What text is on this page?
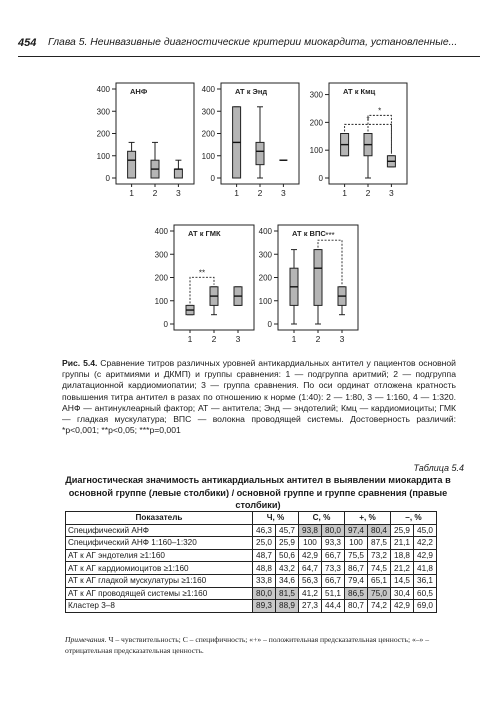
454 Глава 5. Неинвазивные диагностические критерии миокардита, установленные...
0
100
200
300
400
1 2 3
АНФ
0
100
200
300
400
1 2 3
АТ к Энд
0
100
200
300
1 2 3
АТ к Кмц
*
*
0
100
200
300
400
1 2 3
АТ к ГМК
**
0
100
200
300
400
1 2 3
АТ к ВПС ***
Рис. 5.4. Сравнение титров различных уровней антикардиальных антител у пациентов основной группы (с аритмиями и ДКМП) и группы сравнения: 1 — подгруппа аритмий; 2 — подгруппа дилатационной кардиомиопатии; 3 — группа сравнения. По оси ординат отложена кратность повышения титра антител в разах по отношению к норме (1:40): 2 — 1:80, 3 — 1:160, 4 — 1:320. АНФ — антинуклеарный фактор; АТ — антитела; Энд — эндотелий; Кмц — кардиомиоциты; ГМК — гладкая мускулатура; ВПС — волокна проводящей системы. Достоверность различий: *p<0,001; **p<0,05; ***p=0,001
Таблица 5.4
Диагностическая значимость антикардиальных антител в выявлении миокардита в основной группе (левые столбики) / основной группе и группе сравнения (правые столбики)
Показатель	Ч, %		С, %		+, %		–, %	
Специфический АНФ	46,3	45,7	93,8	80,0	97,4	80,4	25,9	45,0
Специфический АНФ 1:160–1:320	25,0	25,9	100	93,3	100	87,5	21,1	42,2
АТ к АГ эндотелия ≥1:160	48,7	50,6	42,9	66,7	75,5	73,2	18,8	42,9
АТ к АГ кардиомиоцитов ≥1:160	48,8	43,2	64,7	73,3	86,7	74,5	21,2	41,8
АТ к АГ гладкой мускулатуры ≥1:160	33,8	34,6	56,3	66,7	79,4	65,1	14,5	36,1
АТ к АГ проводящей системы ≥1:160	80,0	81,5	41,2	51,1	86,5	75,0	30,4	60,5
Кластер 3–8	89,3	88,9	27,3	44,4	80,7	74,2	42,9	69,0
Примечания. Ч – чувствительность; С – специфичность; «+» – положительная предсказательная ценность; «–» – отрицательная предсказательная ценность.
